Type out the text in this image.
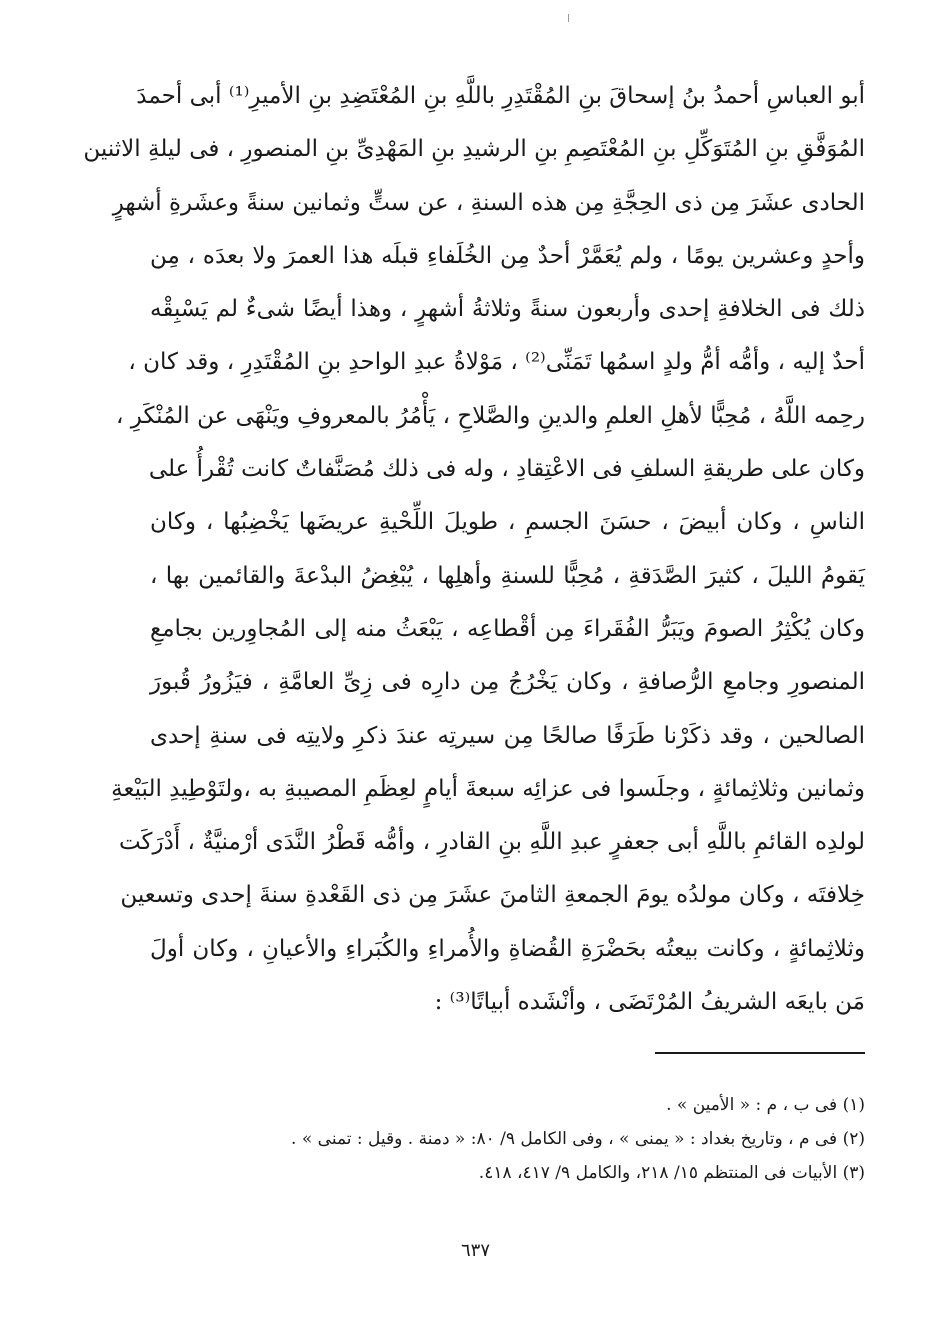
أبو العباسِ أحمدُ بنُ إسحاقَ بنِ المُقْتَدِرِ باللَّهِ بنِ المُعْتَضِدِ بنِ الأميرِ⁽¹⁾ أبى أحمدَ
المُوَفَّقِ بنِ المُتَوَكِّلِ بنِ المُعْتَصِمِ بنِ الرشيدِ بنِ المَهْدِىِّ بنِ المنصورِ ، فى ليلةِ الاثنين
الحادى عشَرَ مِن ذى الحِجَّةِ مِن هذه السنةِ ، عن ستٍّ وثمانين سنةً وعشَرةِ أشهرٍ
وأحدٍ وعشرين يومًا ، ولم يُعَمَّرْ أحدٌ مِن الخُلَفاءِ قبلَه هذا العمرَ ولا بعدَه ، مِن
ذلك فى الخلافةِ إحدى وأربعون سنةً وثلاثةُ أشهرٍ ، وهذا أيضًا شىءٌ لم يَسْبِقْه
أحدٌ إليه ، وأمُّه أمُّ ولدٍ اسمُها تَمَنِّى⁽²⁾ ، مَوْلاةُ عبدِ الواحدِ بنِ المُقْتَدِرِ ، وقد كان ،
رحِمه اللَّهُ ، مُحِبًّا لأهلِ العلمِ والدينِ والصَّلاحِ ، يَأْمُرُ بالمعروفِ ويَنْهَى عن المُنْكَرِ ،
وكان على طريقةِ السلفِ فى الاعْتِقادِ ، وله فى ذلك مُصَنَّفاتٌ كانت تُقْرأُ على
الناسِ ، وكان أبيضَ ، حسَنَ الجسمِ ، طويلَ اللِّحْيةِ عريضَها يَخْضِبُها ، وكان
يَقومُ الليلَ ، كثيرَ الصَّدَقةِ ، مُحِبًّا للسنةِ وأهلِها ، يُبْغِضُ البدْعةَ والقائمين بها ،
وكان يُكْثِرُ الصومَ ويَبَرُّ الفُقَراءَ مِن أقْطاعِه ، يَبْعَثُ منه إلى المُجاوِرين بجامعِ
المنصورِ وجامعِ الرُّصافةِ ، وكان يَخْرُجُ مِن دارِه فى زِىِّ العامَّةِ ، فيَزُورُ قُبورَ
الصالحين ، وقد ذكَرْنا طَرَفًا صالحًا مِن سيرتِه عندَ ذكرِ ولايتِه فى سنةِ إحدى
وثمانين وثلاثِمائةٍ ، وجلَسوا فى عزائِه سبعةَ أيامٍ لعِظَمِ المصيبةِ به ،ولتَوْطِيدِ البَيْعةِ
لولدِه القائمِ باللَّهِ أبى جعفرٍ عبدِ اللَّهِ بنِ القادرِ ، وأمُّه قَطْرُ النَّدَى أرْمنيَّةٌ ، أَدْرَكَت
خِلافتَه ، وكان مولدُه يومَ الجمعةِ الثامنَ عشَرَ مِن ذى القَعْدةِ سنةَ إحدى وتسعين
وثلاثِمائةٍ ، وكانت بيعتُه بحَضْرَةِ القُضاةِ والأُمراءِ والكُبَراءِ والأعيانِ ، وكان أولَ
مَن بايعَه الشريفُ المُرْتَضَى ، وأنْشَده أبياتًا⁽³⁾ :
(١) فى ب ، م : « الأمين » .
(٢) فى م ، وتاريخ بغداد : « يمنى » ، وفى الكامل ٩/ ٨٠: « دمنة . وقيل : تمنى » .
(٣) الأبيات فى المنتظم ١٥/ ٢١٨، والكامل ٩/ ٤١٧، ٤١٨.
٦٣٧
